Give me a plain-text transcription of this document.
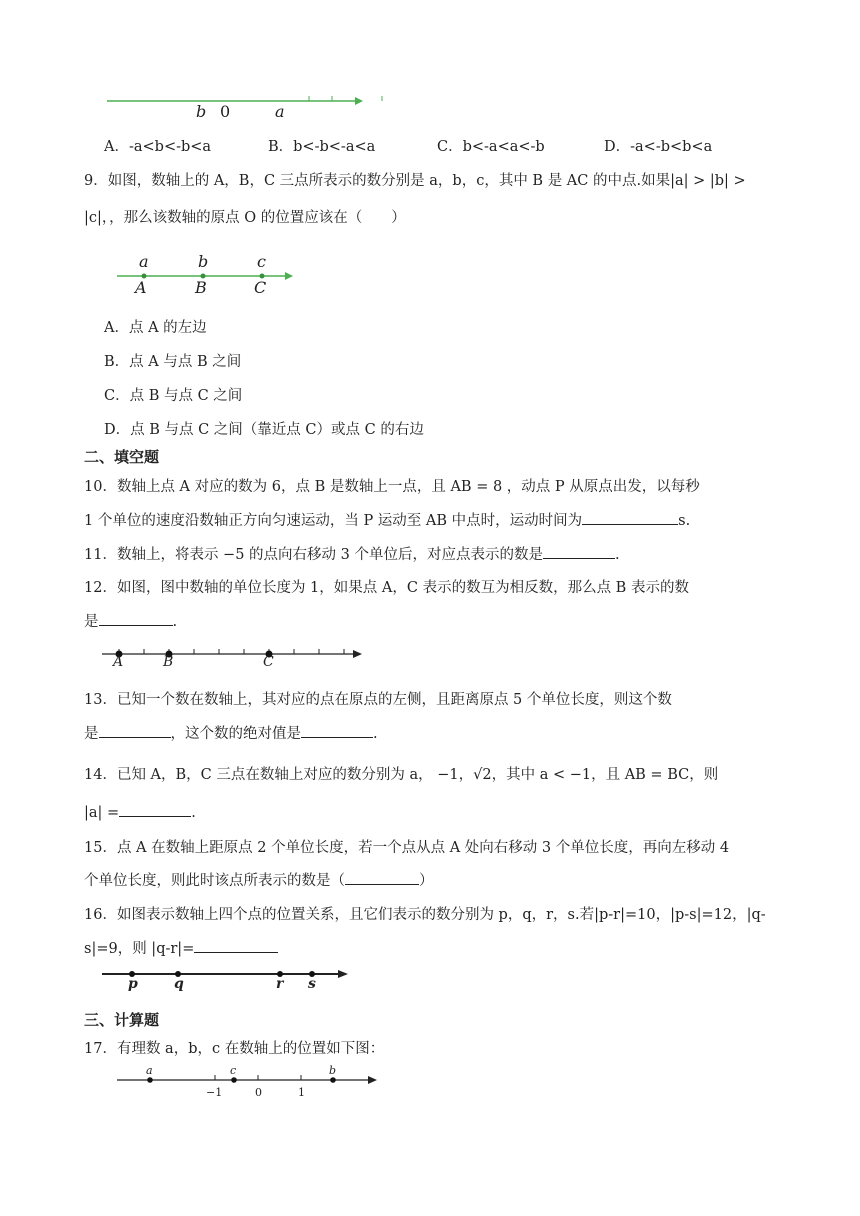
b 0	a
A．-a<b<-b<a	B．b<-b<-a<a	C．b<-a<a<-b	D．-a<-b<b<a
9．如图，数轴上的 A，B，C 三点所表示的数分别是 a，b，c，其中 B 是 AC 的中点.如果|a| > |b| >
|c|，，那么该数轴的原点 O 的位置应该在（　　）
a	b	c
A	B	C
A．点 A 的左边
B．点 A 与点 B 之间
C．点 B 与点 C 之间
D．点 B 与点 C 之间（靠近点 C）或点 C 的右边
二、填空题
10．数轴上点 A 对应的数为 6，点 B 是数轴上一点，且 AB = 8 ，动点 P 从原点出发，以每秒
1 个单位的速度沿数轴正方向匀速运动，当 P 运动至 AB 中点时，运动时间为	s.
11．数轴上，将表示 −5 的点向右移动 3 个单位后，对应点表示的数是	.
12．如图，图中数轴的单位长度为 1，如果点 A，C 表示的数互为相反数，那么点 B 表示的数
是	.
A	B	C
13．已知一个数在数轴上，其对应的点在原点的左侧，且距离原点 5 个单位长度，则这个数
是	，这个数的绝对值是	.
14．已知 A，B，C 三点在数轴上对应的数分别为 a， −1，√2，其中 a < −1，且 AB = BC，则
|a| =	.
15．点 A 在数轴上距原点 2 个单位长度，若一个点从点 A 处向右移动 3 个单位长度，再向左移动 4
个单位长度，则此时该点所表示的数是（	）
16．如图表示数轴上四个点的位置关系，且它们表示的数分别为 p，q，r，s.若|p-r|=10，|p-s|=12，|q-
s|=9，则 |q-r|=
p	q	r s
三、计算题
17．有理数 a，b，c 在数轴上的位置如下图：
a	c	b
−1	0	1
